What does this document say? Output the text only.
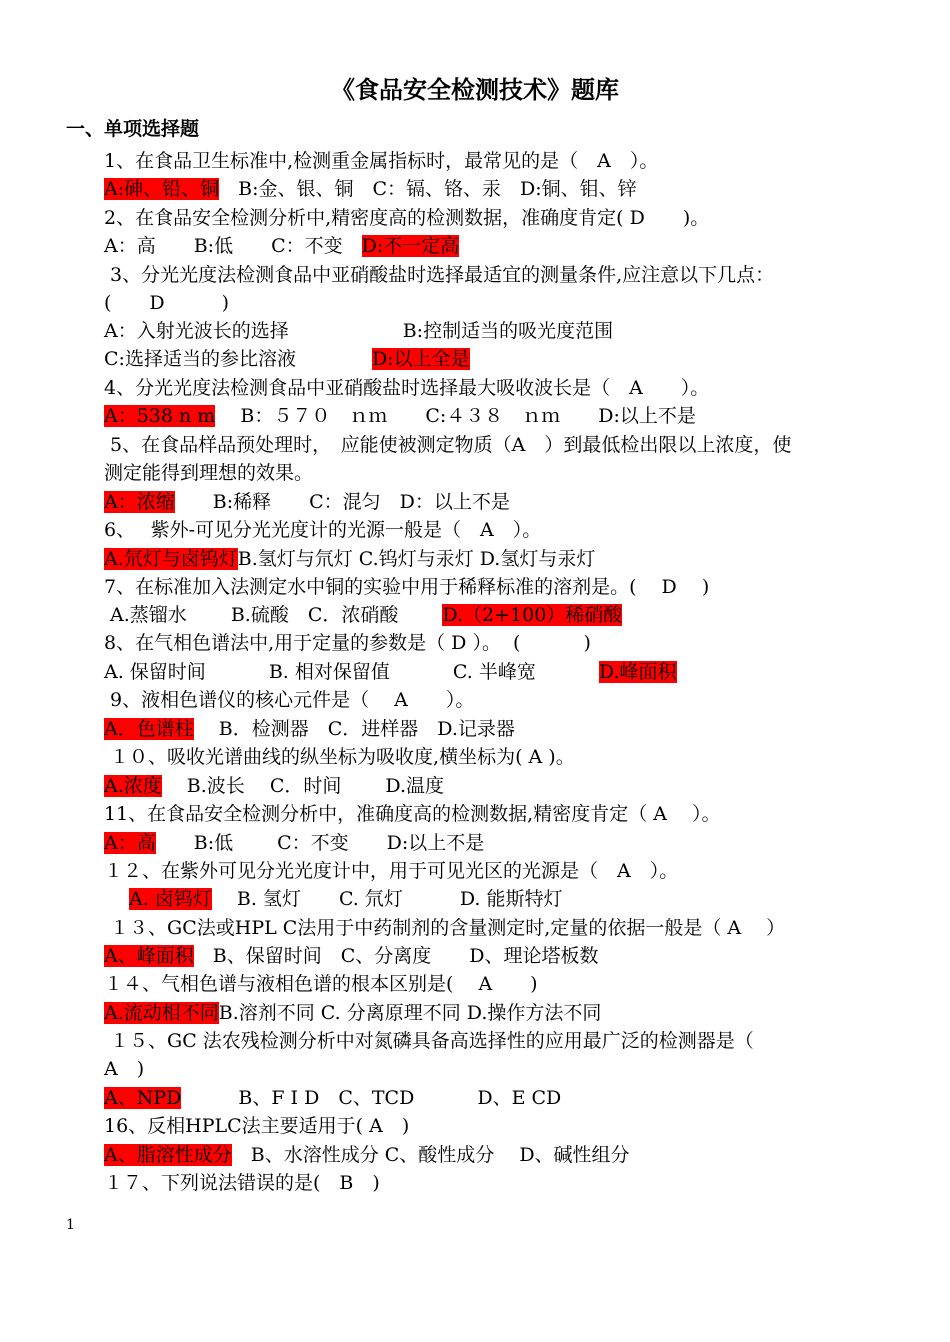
《食品安全检测技术》题库
一、单项选择题
1、在食品卫生标准中,检测重金属指标时，最常见的是（　A　）。
A:砷、铅、铜　B:金、银、铜　C：镉、铬、汞　D:铜、钼、锌
2、在食品安全检测分析中,精密度高的检测数据，准确度肯定( D　　)。
A：高　　B:低　　C：不变　D:不一定高
3、分光光度法检测食品中亚硝酸盐时选择最适宜的测量条件,应注意以下几点：
(　　D　　　)
A：入射光波长的选择　　　　　　B:控制适当的吸光度范围
C:选择适当的参比溶液　　　　D:以上全是
4、分光光度法检测食品中亚硝酸盐时选择最大吸收波长是（　A　　）。
A：538 n m　 B：５７０　ｎｍ　　C:４３８　ｎｍ　　D:以上不是
5、在食品样品预处理时，　应能使被测定物质（A　）到最低检出限以上浓度，使
测定能得到理想的效果。
A：浓缩　　B:稀释　　C：混匀　D：以上不是
6、　 紫外-可见分光光度计的光源一般是（　A　）。
A.氘灯与卤钨灯B.氢灯与氘灯 C.钨灯与汞灯 D.氢灯与汞灯
7、在标准加入法测定水中铜的实验中用于稀释标准的溶剂是。(　 D　 )
A.蒸镏水　　 B.硫酸　C．浓硝酸　　 D.（2+100）稀硝酸
8、在气相色谱法中,用于定量的参数是（ D ）。  (　　　 )
A. 保留时间　　　 B. 相对保留值　　　 C. 半峰宽　　　 D.峰面积
9、液相色谱仪的核心元件是（　 A　　）。
A．色谱柱　 B．检测器　C．进样器　D.记录器
１０、吸收光谱曲线的纵坐标为吸收度,横坐标为( A )。
A.浓度　 B.波长　 C．时间　　 D.温度
11、在食品安全检测分析中，准确度高的检测数据,精密度肯定（ A　 ）。
A：高　　B:低　　 C：不变　　D:以上不是
１２、在紫外可见分光光度计中，用于可见光区的光源是（　A　）。
　 A. 卤钨灯　 B. 氢灯　　C. 氘灯　　　D. 能斯特灯
１３、GC法或HPL C法用于中药制剂的含量测定时,定量的依据一般是（ A　 ）
A、峰面积　B、保留时间　C、分离度　　D、理论塔板数
１４、气相色谱与液相色谱的根本区别是(　 A　　)
A.流动相不同B.溶剂不同 C. 分离原理不同 D.操作方法不同
１５、GC 法农残检测分析中对氮磷具备高选择性的应用最广泛的检测器是（
A　)
A、NPD　　　B、F I D　C、TCD　　　 D、E CD
16、反相HPLC法主要适用于( A　)
A、脂溶性成分　B、水溶性成分 C、酸性成分　 D、碱性组分
１７、下列说法错误的是(　B　)
1
